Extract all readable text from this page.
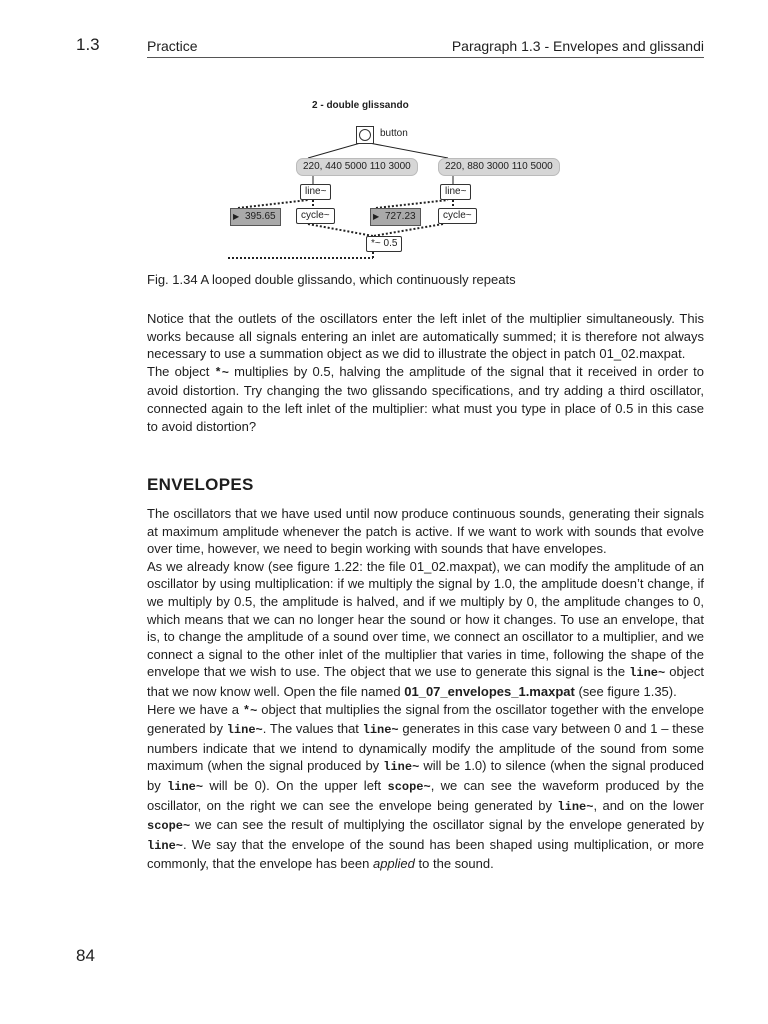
1.3	Practice	Paragraph 1.3 - Envelopes and glissandi
2 - double glissando
button
220, 440 5000 110 3000	220, 880 3000 110 5000
line~	line~
▶ 395.65	cycle~
▶	727.23	cycle~
*~ 0.5
Fig. 1.34 A looped double glissando, which continuously repeats

Notice that the outlets of the oscillators enter the left inlet of the multiplier simultaneously. This works because all signals entering an inlet are automatically summed; it is therefore not always necessary to use a summation object as we did to illustrate the object in patch 01_02.maxpat.

The object *~ multiplies by 0.5, halving the amplitude of the signal that it received in order to avoid distortion. Try changing the two glissando specifications, and try adding a third oscillator, connected again to the left inlet of the multiplier: what must you type in place of 0.5 in this case to avoid distortion?

ENVELOPES

The oscillators that we have used until now produce continuous sounds, generating their signals at maximum amplitude whenever the patch is active. If we want to work with sounds that evolve over time, however, we need to begin working with sounds that have envelopes.

As we already know (see figure 1.22: the file 01_02.maxpat), we can modify the amplitude of an oscillator by using multiplication: if we multiply the signal by 1.0, the amplitude doesn’t change, if we multiply by 0.5, the amplitude is halved, and if we multiply by 0, the amplitude changes to 0, which means that we can no longer hear the sound or how it changes. To use an envelope, that is, to change the amplitude of a sound over time, we connect an oscillator to a multiplier, and we connect a signal to the other inlet of the multiplier that varies in time, following the shape of the envelope that we wish to use. The object that we use to generate this signal is the line~ object that we now know well. Open the file named 01_07_envelopes_1.maxpat (see figure 1.35).

Here we have a *~ object that multiplies the signal from the oscillator together with the envelope generated by line~. The values that line~ generates in this case vary between 0 and 1 – these numbers indicate that we intend to dynamically modify the amplitude of the sound from some maximum (when the signal produced by line~ will be 1.0) to silence (when the signal produced by line~ will be 0). On the upper left scope~, we can see the waveform produced by the oscillator, on the right we can see the envelope being generated by line~, and on the lower scope~ we can see the result of multiplying the oscillator signal by the envelope generated by line~. We say that the envelope of the sound has been shaped using multiplication, or more commonly, that the envelope has been applied to the sound.

84
